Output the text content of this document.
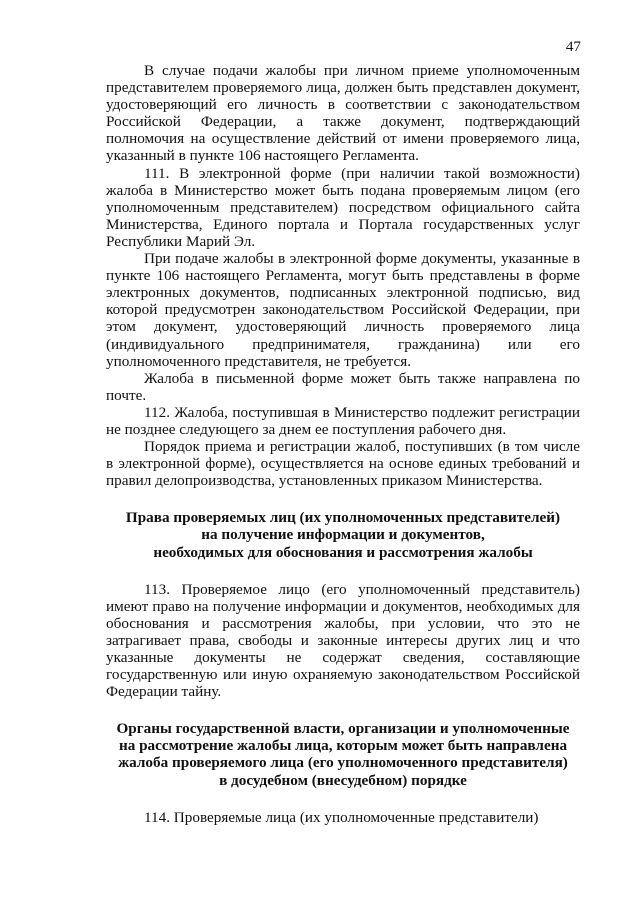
47

В случае подачи жалобы при личном приеме уполномоченным представителем проверяемого лица, должен быть представлен документ, удостоверяющий его личность в соответствии с законодательством Российской Федерации, а также документ, подтверждающий полномочия на осуществление действий от имени проверяемого лица, указанный в пункте 106 настоящего Регламента.

111. В электронной форме (при наличии такой возможности) жалоба в Министерство может быть подана проверяемым лицом (его уполномоченным представителем) посредством официального сайта Министерства, Единого портала и Портала государственных услуг Республики Марий Эл.

При подаче жалобы в электронной форме документы, указанные в пункте 106 настоящего Регламента, могут быть представлены в форме электронных документов, подписанных электронной подписью, вид которой предусмотрен законодательством Российской Федерации, при этом документ, удостоверяющий личность проверяемого лица (индивидуального предпринимателя, гражданина) или его уполномоченного представителя, не требуется.

Жалоба в письменной форме может быть также направлена по почте.

112. Жалоба, поступившая в Министерство подлежит регистрации не позднее следующего за днем ее поступления рабочего дня.

Порядок приема и регистрации жалоб, поступивших (в том числе в электронной форме), осуществляется на основе единых требований и правил делопроизводства, установленных приказом Министерства.

Права проверяемых лиц (их уполномоченных представителей)
на получение информации и документов,
необходимых для обоснования и рассмотрения жалобы

113. Проверяемое лицо (его уполномоченный представитель) имеют право на получение информации и документов, необходимых для обоснования и рассмотрения жалобы, при условии, что это не затрагивает права, свободы и законные интересы других лиц и что указанные документы не содержат сведения, составляющие государственную или иную охраняемую законодательством Российской Федерации тайну.

Органы государственной власти, организации и уполномоченные
на рассмотрение жалобы лица, которым может быть направлена
жалоба проверяемого лица (его уполномоченного представителя)
в досудебном (внесудебном) порядке

114. Проверяемые лица (их уполномоченные представители)
